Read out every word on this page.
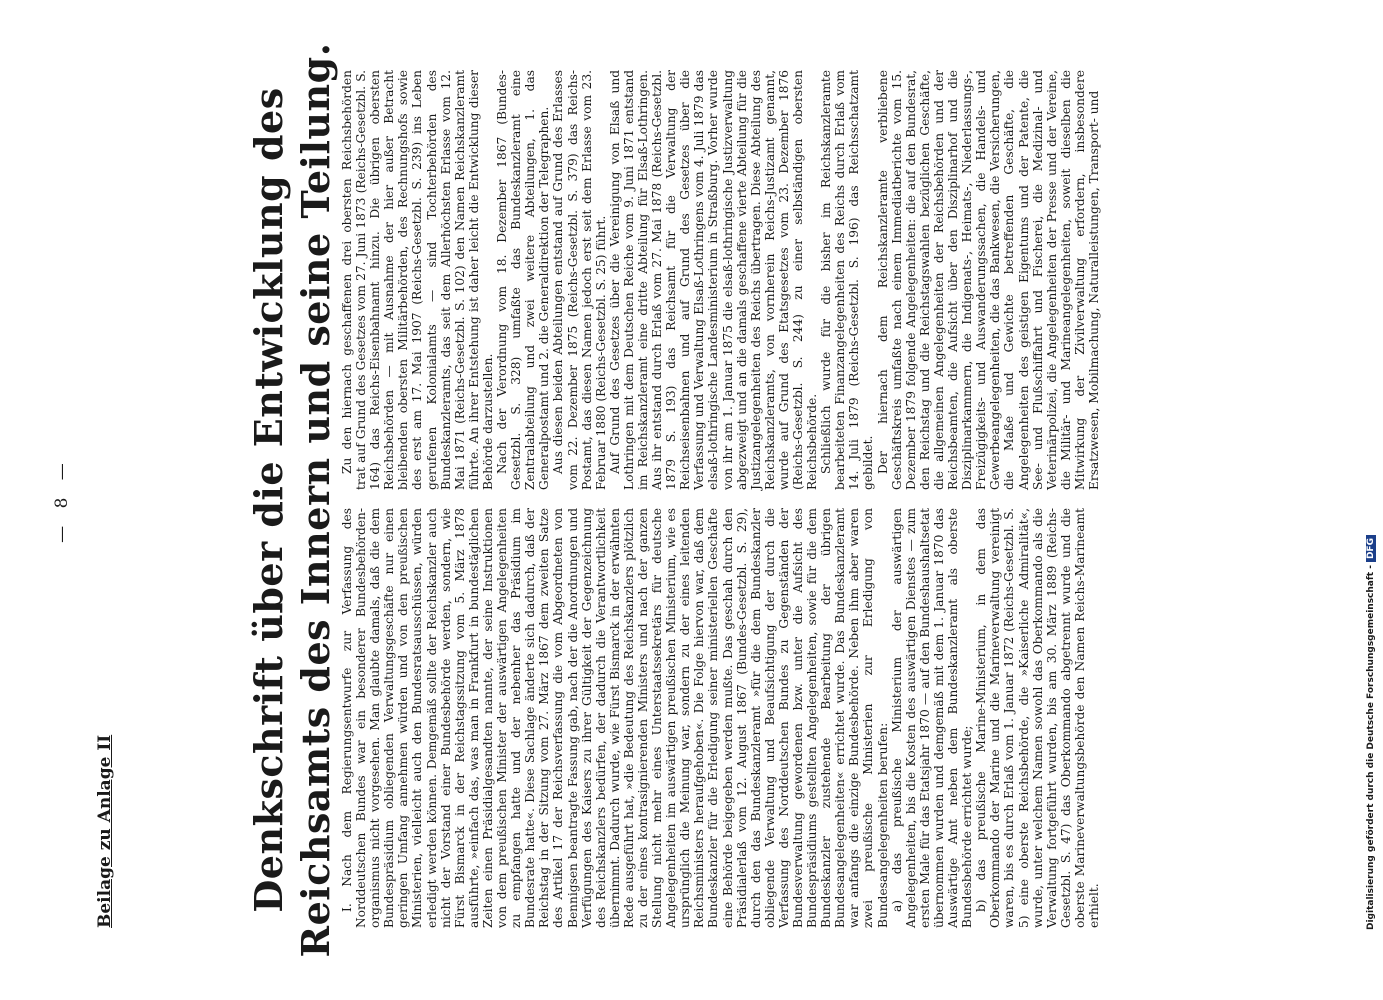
— 8 —
Beilage zu Anlage II	Denkschrift über die Entwicklung des Reichsamts des Innern und seine Teilung. I. Nach dem Regierungsentwurfe zur Verfassung des Norddeutschen Bundes war ein besonderer Bundesbehörden-organismus nicht vorgesehen. Man glaubte damals, daß die dem Bundespräsidium obliegenden Verwaltungsgeschäfte nur einen geringen Umfang annehmen würden und von den preußischen Ministerien, vielleicht auch den Bundesratsausschüssen, würden erledigt werden können. Demgemäß sollte der Reichskanzler auch nicht der Vorstand einer Bundesbehörde werden, sondern, wie Fürst Bismarck in der Reichstagssitzung vom 5. März 1878 ausführte, »einfach das, was man in Frankfurt in bundestäglichen Zeiten einen Präsidialgesandten nannte, der seine Instruktionen von dem preußischen Minister der auswärtigen Angelegenheiten zu empfangen hatte und der nebenher das Präsidium im Bundesrate hatte«. Diese Sachlage änderte sich dadurch, daß der Reichstag in der Sitzung vom 27. März 1867 dem zweiten Satze des Artikel 17 der Reichsverfassung die vom Abgeordneten von Bennigsen beantragte Fassung gab, nach der die Anordnungen und Verfügungen des Kaisers zu ihrer Gültigkeit der Gegenzeichnung des Reichskanzlers bedürfen, der dadurch die Verantwortlichkeit übernimmt. Dadurch wurde, wie Fürst Bismarck in der erwähnten Rede ausgeführt hat, »die Bedeutung des Reichskanzlers plötzlich zu der eines kontrasignierenden Ministers und nach der ganzen Stellung nicht mehr eines Unterstaatssekretärs für deutsche Angelegenheiten im auswärtigen preußischen Ministerium, wie es ursprünglich die Meinung war, sondern zu der eines leitenden Reichsministers heraufgehoben«. Die Folge hiervon war, daß dem Bundeskanzler für die Erledigung seiner ministeriellen Geschäfte eine Behörde beigegeben werden mußte. Das geschah durch den Präsidialerlaß vom 12. August 1867 (Bundes-Gesetzbl. S. 29), durch den das Bundeskanzleramt »für die dem Bundeskanzler obliegende Verwaltung und Beaufsichtigung der durch die Verfassung des Norddeutschen Bundes zu Gegenständen der Bundesverwaltung gewordenen bzw. unter die Aufsicht des Bundespräsidiums gestellten Angelegenheiten, sowie für die dem Bundeskanzler zustehende Bearbeitung der übrigen Bundesangelegenheiten« errichtet wurde. Das Bundeskanzleramt war anfangs die einzige Bundesbehörde. Neben ihm aber waren zwei preußische Ministerien zur Erledigung von Bundesangelegenheiten berufen: a) das preußische Ministerium der auswärtigen Angelegenheiten, bis die Kosten des auswärtigen Dienstes — zum ersten Male für das Etatsjahr 1870 — auf den Bundeshaushaltsetat übernommen wurden und demgemäß mit dem 1. Januar 1870 das Auswärtige Amt neben dem Bundeskanzleramt als oberste Bundesbehörde errichtet wurde; b) das preußische Marine-Ministerium, in dem das Oberkommando der Marine und die Marineverwaltung vereinigt waren, bis es durch Erlaß vom 1. Januar 1872 (Reichs-Gesetzbl. S. 5) eine oberste Reichsbehörde, die »Kaiserliche Admiralität«, wurde, unter welchem Namen sowohl das Oberkommando als die Verwaltung fortgeführt wurden, bis am 30. März 1889 (Reichs-Gesetzbl. S. 47) das Oberkommando abgetrennt wurde und die oberste Marineverwaltungsbehörde den Namen Reichs-Marineamt erhielt.

Zu den hiernach geschaffenen drei obersten Reichsbehörden trat auf Grund des Gesetzes vom 27. Juni 1873 (Reichs-Gesetzbl. S. 164) das Reichs-Eisenbahnamt hinzu. Die übrigen obersten Reichsbehörden — mit Ausnahme der hier außer Betracht bleibenden obersten Militärbehörden, des Rechnungshofs sowie des erst am 17. Mai 1907 (Reichs-Gesetzbl. S. 239) ins Leben gerufenen Kolonialamts — sind Tochterbehörden des Bundeskanzleramts, das seit dem Allerhöchsten Erlasse vom 12. Mai 1871 (Reichs-Gesetzbl. S. 102) den Namen Reichskanzleramt führte. An ihrer Entstehung ist daher leicht die Entwicklung dieser Behörde darzustellen. Nach der Verordnung vom 18. Dezember 1867 (Bundes-Gesetzbl. S. 328) umfaßte das Bundeskanzleramt eine Zentralabteilung und zwei weitere Abteilungen, 1. das Generalpostamt und 2. die Generaldirektion der Telegraphen. Aus diesen beiden Abteilungen entstand auf Grund des Erlasses vom 22. Dezember 1875 (Reichs-Gesetzbl. S. 379) das Reichs-Postamt, das diesen Namen jedoch erst seit dem Erlasse vom 23. Februar 1880 (Reichs-Gesetzbl. S. 25) führt. Auf Grund des Gesetzes über die Vereinigung von Elsaß und Lothringen mit dem Deutschen Reiche vom 9. Juni 1871 entstand im Reichskanzleramt eine dritte Abteilung für Elsaß-Lothringen. Aus ihr entstand durch Erlaß vom 27. Mai 1878 (Reichs-Gesetzbl. 1879 S. 193) das Reichsamt für die Verwaltung der Reichseisenbahnen und auf Grund des Gesetzes über die Verfassung und Verwaltung Elsaß-Lothringens vom 4. Juli 1879 das elsaß-lothringische Landesministerium in Straßburg. Vorher wurde von ihr am 1. Januar 1875 die elsaß-lothringische Justizverwaltung abgezweigt und an die damals geschaffene vierte Abteilung für die Justizangelegenheiten des Reichs übertragen. Diese Abteilung des Reichskanzleramts, von vornherein Reichs-Justizamt genannt, wurde auf Grund des Etatsgesetzes vom 23. Dezember 1876 (Reichs-Gesetzbl. S. 244) zu einer selbständigen obersten Reichsbehörde. Schließlich wurde für die bisher im Reichskanzleramte bearbeiteten Finanzangelegenheiten des Reichs durch Erlaß vom 14. Juli 1879 (Reichs-Gesetzbl. S. 196) das Reichsschatzamt gebildet. Der hiernach dem Reichskanzleramte verbliebene Geschäftskreis umfaßte nach einem Immediatberichte vom 15. Dezember 1879 folgende Angelegenheiten: die auf den Bundesrat, den Reichstag und die Reichstagswahlen bezüglichen Geschäfte, die allgemeinen Angelegenheiten der Reichsbehörden und der Reichsbeamten, die Aufsicht über den Disziplinarhof und die Disziplinarkammern, die Indigenats-, Heimats-, Niederlassungs-, Freizügigkeits- und Auswanderungssachen, die Handels- und Gewerbeangelegenheiten, die das Bankwesen, die Versicherungen, die Maße und Gewichte betreffenden Geschäfte, die Angelegenheiten des geistigen Eigentums und der Patente, die See- und Flußschiffahrt und Fischerei, die Medizinal- und Veterinärpolizei, die Angelegenheiten der Presse und der Vereine, die Militär- und Marineangelegenheiten, soweit dieselben die Mitwirkung der Zivilverwaltung erfordern, insbesondere Ersatzwesen, Mobilmachung, Naturalleistungen, Transport- und

Digitalisierung gefördert durch die Deutsche Forschungsgemeinschaft -DFG
